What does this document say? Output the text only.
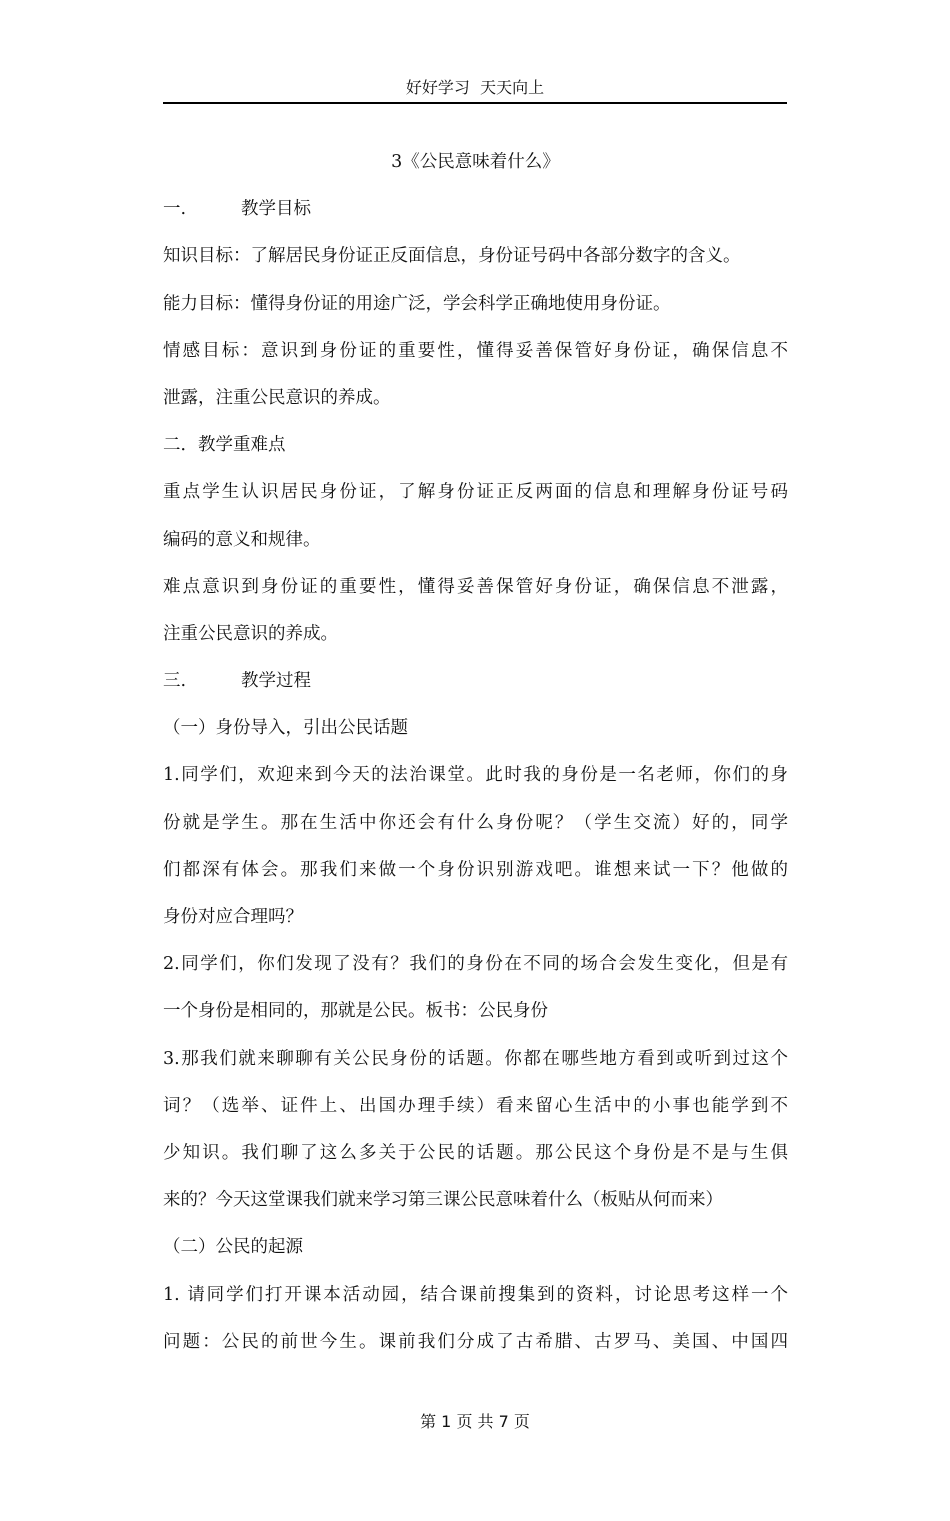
好好学习  天天向上
3《公民意味着什么》
一.	教学目标
知识目标：了解居民身份证正反面信息，身份证号码中各部分数字的含义。
能力目标：懂得身份证的用途广泛，学会科学正确地使用身份证。
情感目标：意识到身份证的重要性，懂得妥善保管好身份证，确保信息不
泄露，注重公民意识的养成。
二．教学重难点
重点学生认识居民身份证，了解身份证正反两面的信息和理解身份证号码
编码的意义和规律。
难点意识到身份证的重要性，懂得妥善保管好身份证，确保信息不泄露，
注重公民意识的养成。
三.	教学过程
（一）身份导入，引出公民话题
1.同学们，欢迎来到今天的法治课堂。此时我的身份是一名老师，你们的身
份就是学生。那在生活中你还会有什么身份呢？（学生交流）好的，同学
们都深有体会。那我们来做一个身份识别游戏吧。谁想来试一下？他做的
身份对应合理吗？
2.同学们，你们发现了没有？我们的身份在不同的场合会发生变化，但是有
一个身份是相同的，那就是公民。板书：公民身份
3.那我们就来聊聊有关公民身份的话题。你都在哪些地方看到或听到过这个
词？（选举、证件上、出国办理手续）看来留心生活中的小事也能学到不
少知识。我们聊了这么多关于公民的话题。那公民这个身份是不是与生俱
来的？今天这堂课我们就来学习第三课公民意味着什么（板贴从何而来）
（二）公民的起源
1. 请同学们打开课本活动园，结合课前搜集到的资料，讨论思考这样一个
问题：公民的前世今生。课前我们分成了古希腊、古罗马、美国、中国四
第 1 页 共 7 页
